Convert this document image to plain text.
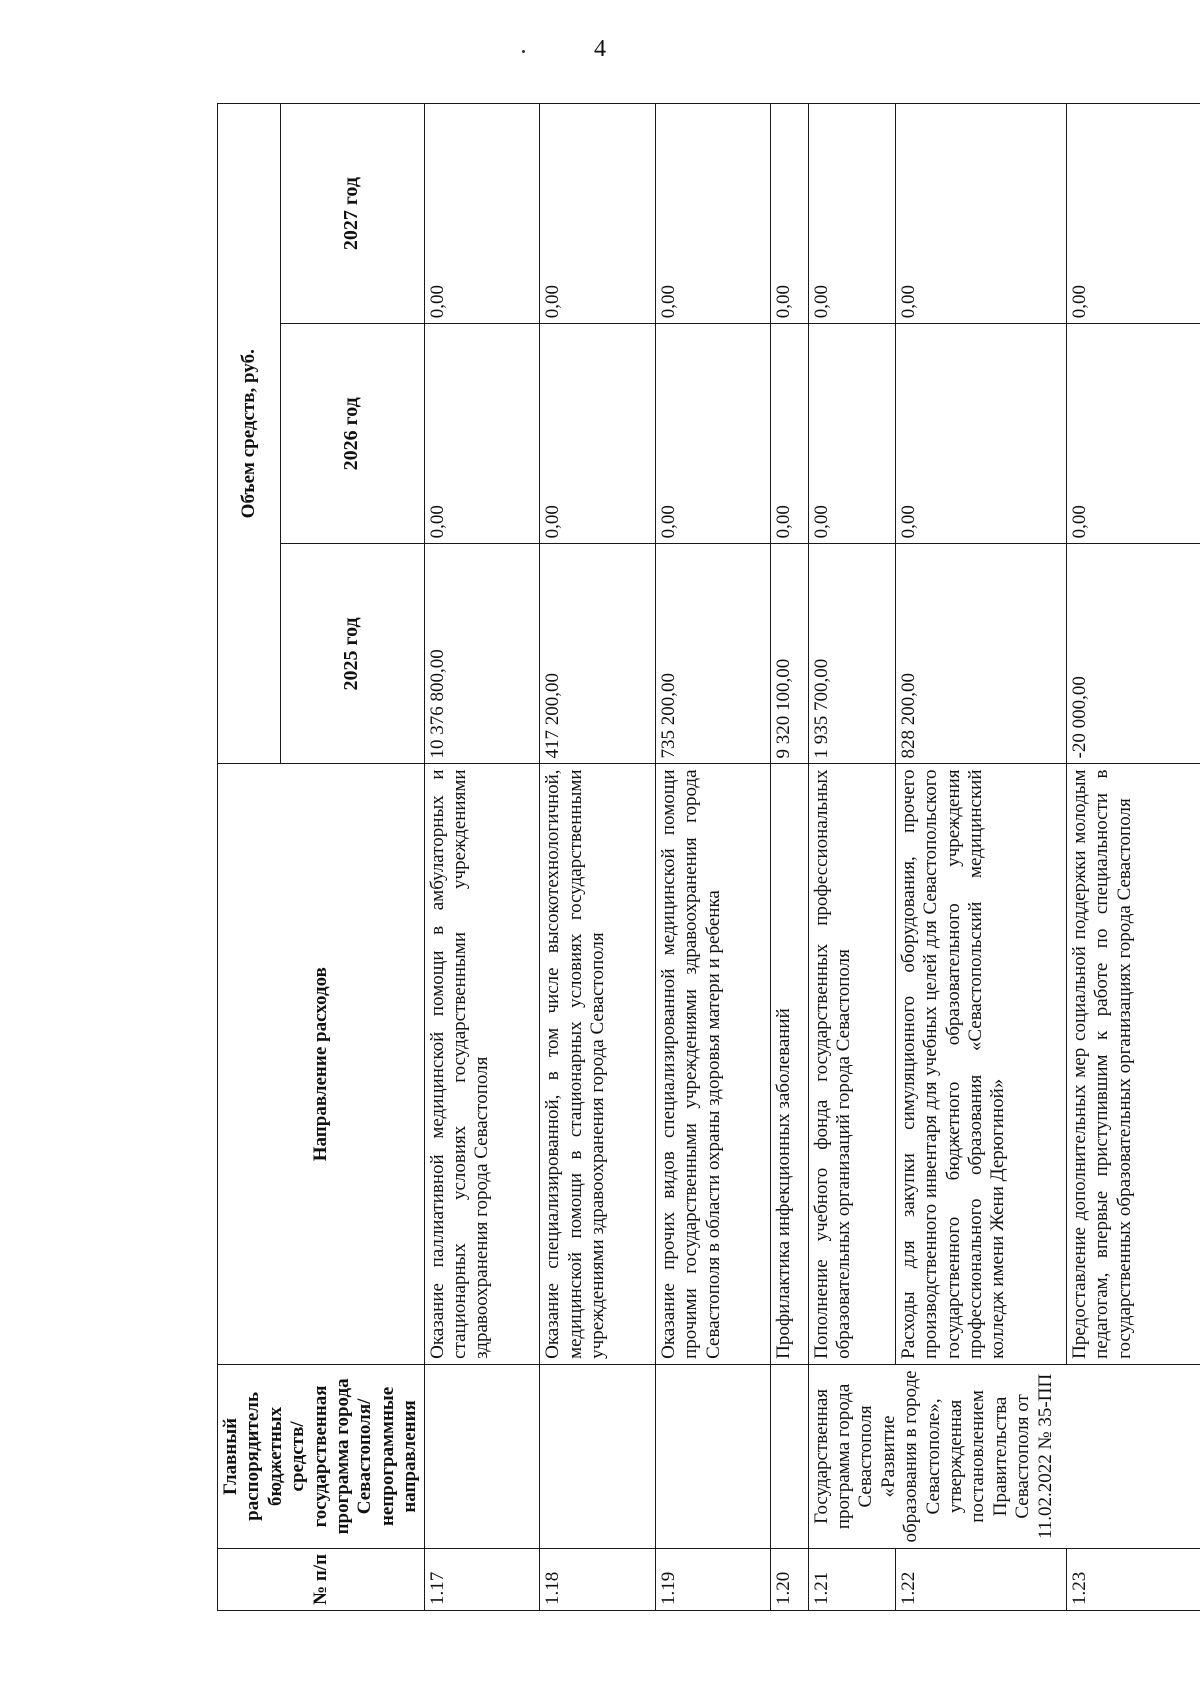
4
№ п/п	Главный распорядитель бюджетных средств/государственная программа города Севастополя/непрограммные направления	Направление расходов	Объем средств, руб.		
			2025 год	2026 год	2027 год
1.17		Оказание паллиативной медицинской помощи в амбулаторных и стационарных условиях государственными учреждениями здравоохранения города Севастополя	10 376 800,00	0,00	0,00
1.18		Оказание специализированной, в том числе высокотехнологичной, медицинской помощи в стационарных условиях государственными учреждениями здравоохранения города Севастополя	417 200,00	0,00	0,00
1.19		Оказание прочих видов специализированной медицинской помощи прочими государственными учреждениями здравоохранения города Севастополя в области охраны здоровья матери и ребенка	735 200,00	0,00	0,00
1.20		Профилактика инфекционных заболеваний	9 320 100,00	0,00	0,00
1.21	Государственная программа города Севастополя «Развитие образования в городе Севастополе», утвержденная постановлением Правительства Севастополя от 11.02.2022 № 35-ПП	Пополнение учебного фонда государственных профессиональных образовательных организаций города Севастополя	1 935 700,00	0,00	0,00
1.22		Расходы для закупки симуляционного оборудования, прочего производственного инвентаря для учебных целей для Севастопольского государственного бюджетного образовательного учреждения профессионального образования «Севастопольский медицинский колледж имени Жени Дерюгиной»	828 200,00	0,00	0,00
1.23		Предоставление дополнительных мер социальной поддержки молодым педагогам, впервые приступившим к работе по специальности в государственных образовательных организациях города Севастополя	-20 000,00	0,00	0,00
